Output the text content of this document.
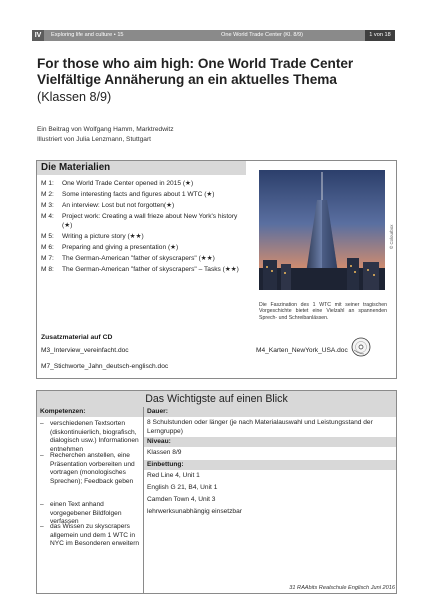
IV	Exploring life and culture • 15	One World Trade Center (Kl. 8/9)	1 von 18
For those who aim high: One World Trade Center
Vielfältige Annäherung an ein aktuelles Thema
(Klassen 8/9)
Ein Beitrag von Wolfgang Hamm, Marktredwitz
Illustriert von Julia Lenzmann, Stuttgart
Die Materialien
M 1:	One World Trade Center opened in 2015 (★)
M 2:	Some interesting facts and figures about 1 WTC (★)
M 3:	An interview: Lost but not forgotten(★)
M 4:	Project work: Creating a wall frieze about New York's history (★)
M 5:	Writing a picture story (★★)
M 6:	Preparing and giving a presentation (★)
M 7:	The German-American "father of skyscrapers" (★★)
M 8:	The German-American "father of skyscrapers" – Tasks (★★)
© Colourbox
Die Faszination des 1 WTC mit seiner tragischen Vorgeschichte bietet eine Vielzahl an spannenden Sprech- und Schreibanlässen.
Zusatzmaterial auf CD
M3_Interview_vereinfacht.doc
M7_Stichworte_Jahn_deutsch-englisch.doc
M4_Karten_NewYork_USA.doc
Das Wichtigste auf einen Blick
Kompetenzen:
– verschiedenen Textsorten (diskontinuierlich, biografisch, dialogisch usw.) Informationen entnehmen
– Recherchen anstellen, eine Präsentation vorbereiten und vortragen (monologisches Sprechen); Feedback geben
– einen Text anhand vorgegebener Bildfolgen verfassen
– das Wissen zu skyscrapers allgemein und dem 1 WTC in NYC im Besonderen erweitern
Dauer:
8 Schulstunden oder länger (je nach Materialauswahl und Leistungsstand der Lerngruppe)
Niveau:
Klassen 8/9
Einbettung:
Red Line 4, Unit 1
English G 21, B4, Unit 1
Camden Town 4, Unit 3
lehrwerksunabhängig einsetzbar
31 RAAbits Realschule Englisch Juni 2016
